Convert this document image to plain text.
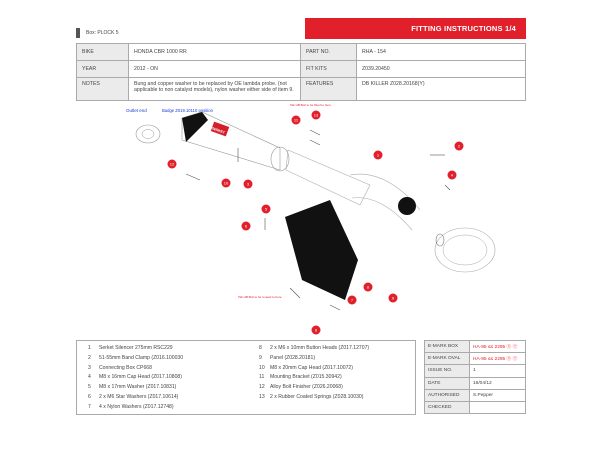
Box: PLOCK 5	FITTING INSTRUCTIONS 1/4
BIKE	HONDA CBR 1000 RR	PART NO.	RHA - 154
YEAR	2012 - ON	FIT KITS	Z039.20450
NOTES	Bung and copper washer to be replaced by OE lambda probe. (not applicable to non catalyst models), nylon washer either side of item 9.	FEATURES	DB KILLER Z028.20168(Y)
Outlet end	Badge Z019.10110 position
SERKET
11
13
1
2
4
12
10	3
5
6
8
7	9
6
Tab HB Bolt to be fitted to here
Tab HB Bolt to be reused to here
1 Serket Silencer 275mm RSC229
2 51-55mm Band Clamp (Z016.100030
3 Connecting Box CP668
4 M8 x 16mm Cap Head (Z017.10808)
5 M8 x 17mm Washer (Z017.10831)
6 2 x M6 Star Washers (Z017.10614)
7 4 x Nylon Washers (Z017.12748)
8 2 x M6 x 10mm Button Heads (Z017.12707)
9 Panel (Z028.20181)
10 M8 x 20mm Cap Head (Z017.10072)
11 Mounting Bracket (Z015.30942)
12 Alloy Bolt Finisher (Z026.20068)
13 2 x Rubber Coated Springs (Z028.10030)
E-MARK BOX	HA-95 ≤≤ 2295 Ⓢ Ⓣ
E-MARK OVAL	HA-95 ≤≤ 2295 Ⓢ Ⓣ
ISSUE NO.	1
DATE	16/04/12
AUTHORISED	S.Pepper
CHECKED	
